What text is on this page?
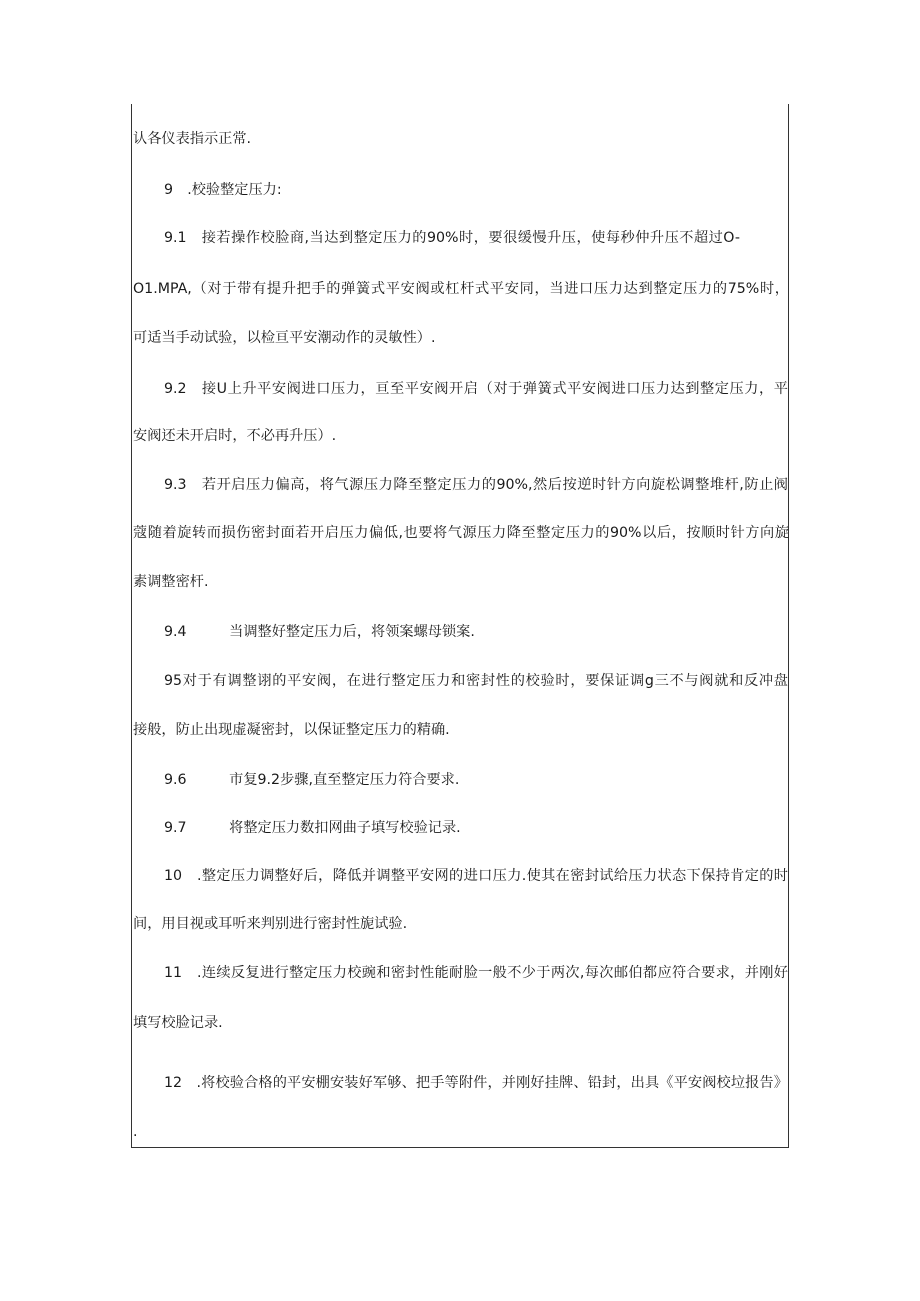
认各仪表指示正常.

9　.校验整定压力:

9.1　接若操作校脸商,当达到整定压力的90%时，要很缓慢升压，使每秒仲升压不超过O-

O1.MPA,（对于带有提升把手的弹簧式平安阀或杠杆式平安同，当进口压力达到整定压力的75%时，

可适当手动试验，以检亘平安潮动作的灵敏性）.

9.2　接U上升平安阀进口压力，亘至平安阀开启（对于弹簧式平安阀进口压力达到整定压力，平

安阀还未开启时，不必再升压）.

9.3　若开启压力偏高，将气源压力降至整定压力的90%,然后按逆时针方向旋松调整堆杆,防止阀

蔻随着旋转而损伤密封面若开启压力偏低,也要将气源压力降至整定压力的90%以后，按顺时针方向旋

素调整密杆.

9.4　　　当调整好整定压力后，将领案螺母锁案.

95对于有调整诩的平安阀，在进行整定压力和密封性的校验时，要保证调g三不与阀就和反冲盘

接般，防止出现虚凝密封，以保证整定压力的精确.

9.6　　　市复9.2步骤,直至整定压力符合要求.

9.7　　　将整定压力数扣网曲子填写校验记录.

10　.整定压力调整好后，降低并调整平安网的进口压力.使其在密封试给压力状态下保持肯定的时

间，用目视或耳听来判别进行密封性旎试验.

11　.连续反复进行整定压力校豌和密封性能耐脸一般不少于两次,每次邮伯都应符合要求，并刚好

填写校脸记录.

12　.将校验合格的平安棚安装好军够、把手等附件，并刚好挂牌、铅封，出具《平安阀校垃报告》

.
